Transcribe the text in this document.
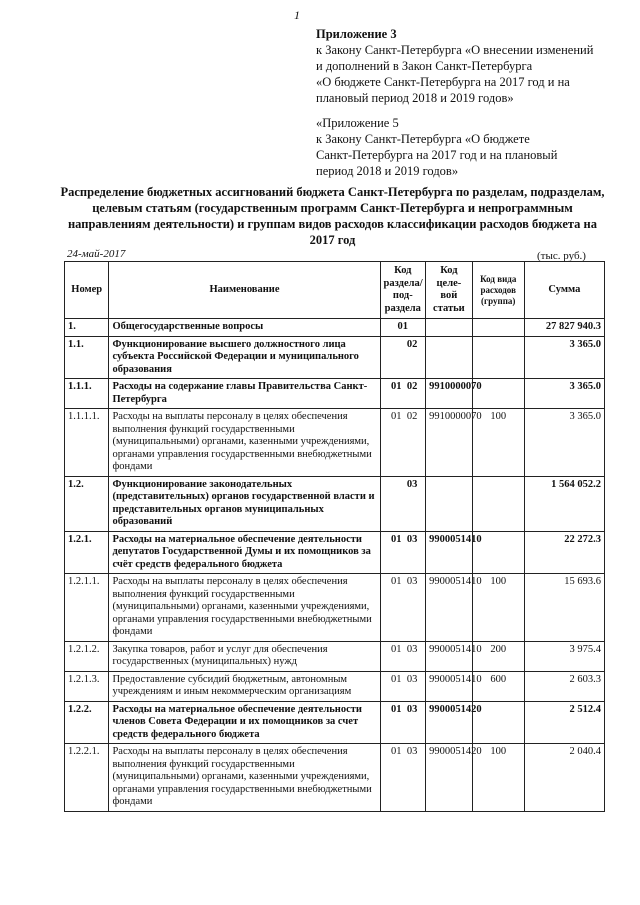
1
Приложение 3
к Закону Санкт-Петербурга «О внесении изменений
и дополнений в Закон Санкт-Петербурга
«О бюджете Санкт-Петербурга на 2017 год и на
плановый период 2018 и 2019 годов»
«Приложение 5
к Закону Санкт-Петербурга «О бюджете
Санкт-Петербурга на 2017 год и на плановый
период 2018 и 2019 годов»
Распределение бюджетных ассигнований бюджета Санкт-Петербурга по разделам, подразделам, целевым статьям (государственным программ Санкт-Петербурга и непрограммным направлениям деятельности) и группам видов расходов классификации расходов бюджета на 2017 год
24-май-2017	(тыс. руб.)
Номер	Наименование	Код раздела/ под- раздела	Код целе- вой статьи	Код вида расходов (группа)	Сумма
1.	Общегосударственные вопросы	01			27 827 940.3
1.1.	Функционирование высшего должностного лица субъекта Российской Федерации и муниципального образования	02			3 365.0
1.1.1.	Расходы на содержание главы Правительства Санкт-Петербурга	01 02	9910000070		3 365.0
1.1.1.1.	Расходы на выплаты персоналу в целях обеспечения выполнения функций государственными (муниципальными) органами, казенными учреждениями, органами управления государственными внебюджетными фондами	01 02	9910000070	100	3 365.0
1.2.	Функционирование законодательных (представительных) органов государственной власти и представительных органов муниципальных образований	03			1 564 052.2
1.2.1.	Расходы на материальное обеспечение деятельности депутатов Государственной Думы и их помощников за счёт средств федерального бюджета	01 03	9900051410		22 272.3
1.2.1.1.	Расходы на выплаты персоналу в целях обеспечения выполнения функций государственными (муниципальными) органами, казенными учреждениями, органами управления государственными внебюджетными фондами	01 03	9900051410	100	15 693.6
1.2.1.2.	Закупка товаров, работ и услуг для обеспечения государственных (муниципальных) нужд	01 03	9900051410	200	3 975.4
1.2.1.3.	Предоставление субсидий бюджетным, автономным учреждениям и иным некоммерческим организациям	01 03	9900051410	600	2 603.3
1.2.2.	Расходы на материальное обеспечение деятельности членов Совета Федерации и их помощников за счет средств федерального бюджета	01 03	9900051420		2 512.4
1.2.2.1.	Расходы на выплаты персоналу в целях обеспечения выполнения функций государственными (муниципальными) органами, казенными учреждениями, органами управления государственными внебюджетными фондами	01 03	9900051420	100	2 040.4
